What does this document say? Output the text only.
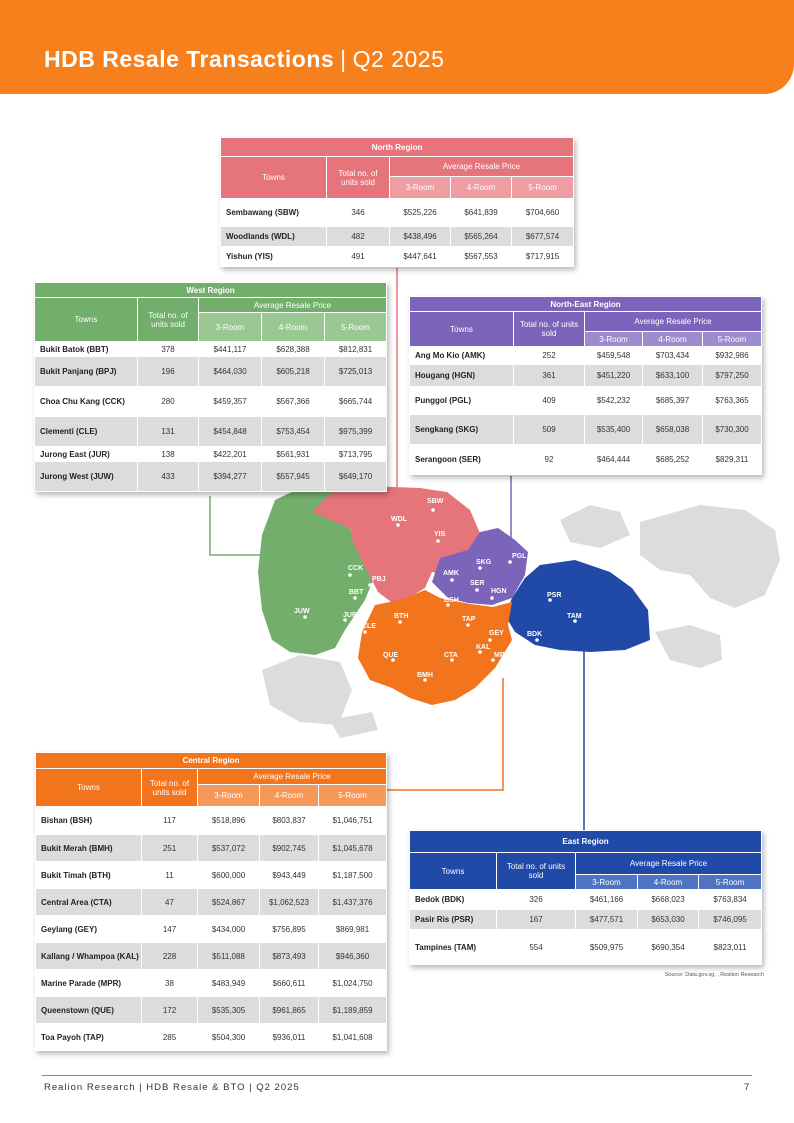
HDB Resale Transactions | Q2 2025
SBW
WDL
YIS
SKG
PGL
AMK
SER
HGN
BSH
PSR
TAM
BDK
CCK
PBJ
BBT
JUW
JUR
CLE
BTH	TAP
GEY
KAL
MPR
QUE	CTA
BMH
North Region				
Towns	Total no. of units sold	Average Resale Price		
		3-Room	4-Room	5-Room
Sembawang (SBW)	346	$525,226	$641,839	$704,660
Woodlands (WDL)	482	$438,496	$565,264	$677,574
Yishun (YIS)	491	$447,641	$567,553	$717,915
West Region				
Towns	Total no. of units sold	Average Resale Price		
		3-Room	4-Room	5-Room
Bukit Batok (BBT)	378	$441,117	$628,388	$812,831
Bukit Panjang (BPJ)	196	$464,030	$605,218	$725,013
Choa Chu Kang (CCK)	280	$459,357	$567,366	$665,744
Clementi (CLE)	131	$454,848	$753,454	$975,399
Jurong East (JUR)	138	$422,201	$561,931	$713,795
Jurong West (JUW)	433	$394,277	$557,945	$649,170
North-East Region				
Towns	Total no. of units sold	Average Resale Price		
		3-Room	4-Room	5-Room
Ang Mo Kio (AMK)	252	$459,548	$703,434	$932,986
Hougang (HGN)	361	$451,220	$633,100	$797,250
Punggol (PGL)	409	$542,232	$685,397	$763,365
Sengkang (SKG)	509	$535,400	$658,038	$730,300
Serangoon (SER)	92	$464,444	$685,252	$829,311
Central Region				
Towns	Total no. of units sold	Average Resale Price		
		3-Room	4-Room	5-Room
Bishan (BSH)	117	$518,896	$803,837	$1,046,751
Bukit Merah (BMH)	251	$537,072	$902,745	$1,045,678
Bukit Timah (BTH)	11	$600,000	$943,449	$1,187,500
Central Area (CTA)	47	$524,867	$1,062,523	$1,437,376
Geylang (GEY)	147	$434,000	$756,895	$869,981
Kallang / Whampoa (KAL)	228	$511,088	$873,493	$946,360
Marine Parade (MPR)	38	$483,949	$660,611	$1,024,750
Queenstown (QUE)	172	$535,305	$961,865	$1,189,859
Toa Payoh (TAP)	285	$504,300	$936,011	$1,041,608
East Region				
Towns	Total no. of units sold	Average Resale Price		
		3-Room	4-Room	5-Room
Bedok (BDK)	326	$461,166	$668,023	$763,834
Pasir Ris (PSR)	167	$477,571	$653,030	$746,095
Tampines (TAM)	554	$509,975	$690,354	$823,011
Source: Data.gov.sg, , Realion Research
Realion Research | HDB Resale & BTO | Q2 2025	7
